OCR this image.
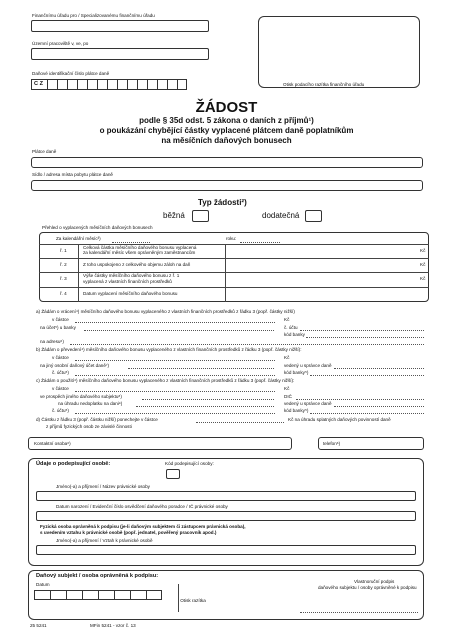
Finančnímu úřadu pro / Specializovanému finančnímu úřadu
Územní pracoviště v, ve, po
Daňové identifikační číslo plátce daně
C Z	Otisk podacího razítka finančního úřadu
ŽÁDOST
podle § 35d odst. 5 zákona o daních z příjmů¹)
o poukázání chybějící částky vyplacené plátcem daně poplatníkům
na měsíčních daňových bonusech
Plátce daně
Sídlo / adresa místa pobytu plátce daně
Typ žádosti²)
běžná	dodatečná
Přehled o vyplacených měsíčních daňových bonusech
Za kalendářní měsíc³)	roku:
ř. 1
Celková částka měsíčního daňového bonusu vyplacená
za kalendářní měsíc všem oprávněným zaměstnancům	Kč
ř. 2	Z toho uspokojeno z celkového objemu záloh na daň	Kč
ř. 3
Výše částky měsíčního daňového bonusu z ř. 1
vyplacená z vlastních finančních prostředků
Kč
ř. 4	Datum vyplacení měsíčního daňového bonusu
a) Žádám o vrácení⁴) měsíčního daňového bonusu vyplaceného z vlastních finančních prostředků z řádku 3 (popř. částky nižší)
v částce	Kč
na účet⁵) u banky	č. účtu
kód banky
na adresu⁶)
b) Žádám o převedení⁴) měsíčního daňového bonusu vyplaceného z vlastních finančních prostředků z řádku 3 (popř. částky nižší):
v částce	Kč
na jiný osobní daňový účet daně⁷)	vedený u správce daně
č. účtu⁵)	kód banky⁵)
c) Žádám o použití⁴) měsíčního daňového bonusu vyplaceného z vlastních finančních prostředků z řádku 3 (popř. částky nižší):
v částce	Kč
ve prospěch jiného daňového subjektu⁸)	DIČ
na úhradu nedoplatku na dani⁹)	vedený u správce daně
č. účtu⁵)	kód banky⁵)
d) Částku z řádku 3 (popř. částku nižší) ponechejte v částce	Kč na úhradu splatných daňových povinností daně
z příjmů fyzických osob ze závislé činnosti
Kontaktní osoba⁶)	telefon⁶)
Údaje o podepisující osobě:	Kód podepisující osoby:
Jméno(-a) a příjmení / Název právnické osoby
Datum narození / Evidenční číslo osvědčení daňového poradce / IČ právnické osoby
Fyzická osoba oprávněná k podpisu (je-li daňovým subjektem či zástupcem právnická osoba),
s uvedením vztahu k právnické osobě (popř. jednatel, pověřený pracovník apod.)
Jméno(-a) a příjmení / Vztah k právnické osobě
Daňový subjekt / osoba oprávněná k podpisu:
Datum
Otisk razítka
Vlastnoruční podpis
daňového subjektu / osoby oprávněné k podpisu
25 5241	MFin 5241 - vzor č. 13
